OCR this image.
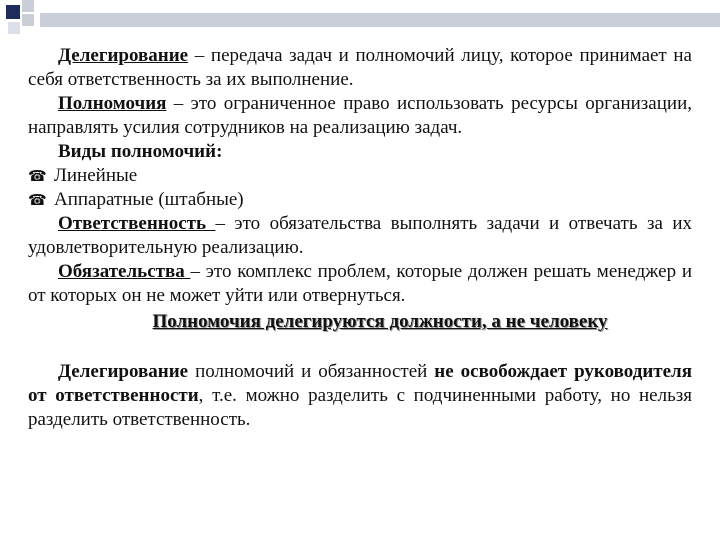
Делегирование – передача задач и полномочий лицу, которое принимает на себя ответственность за их выполнение.

Полномочия – это ограниченное право использовать ресурсы организации, направлять усилия сотрудников на реализацию задач.

Виды полномочий:

☎ Линейные

☎ Аппаратные (штабные)

Ответственность – это обязательства выполнять задачи и отвечать за их удовлетворительную реализацию.

Обязательства – это комплекс проблем, которые должен решать менеджер и от которых он не может уйти или отвернуться.

Полномочия делегируются должности, а не человеку

Делегирование полномочий и обязанностей не освобождает руководителя от ответственности, т.е. можно разделить с подчиненными работу, но нельзя разделить ответственность.
